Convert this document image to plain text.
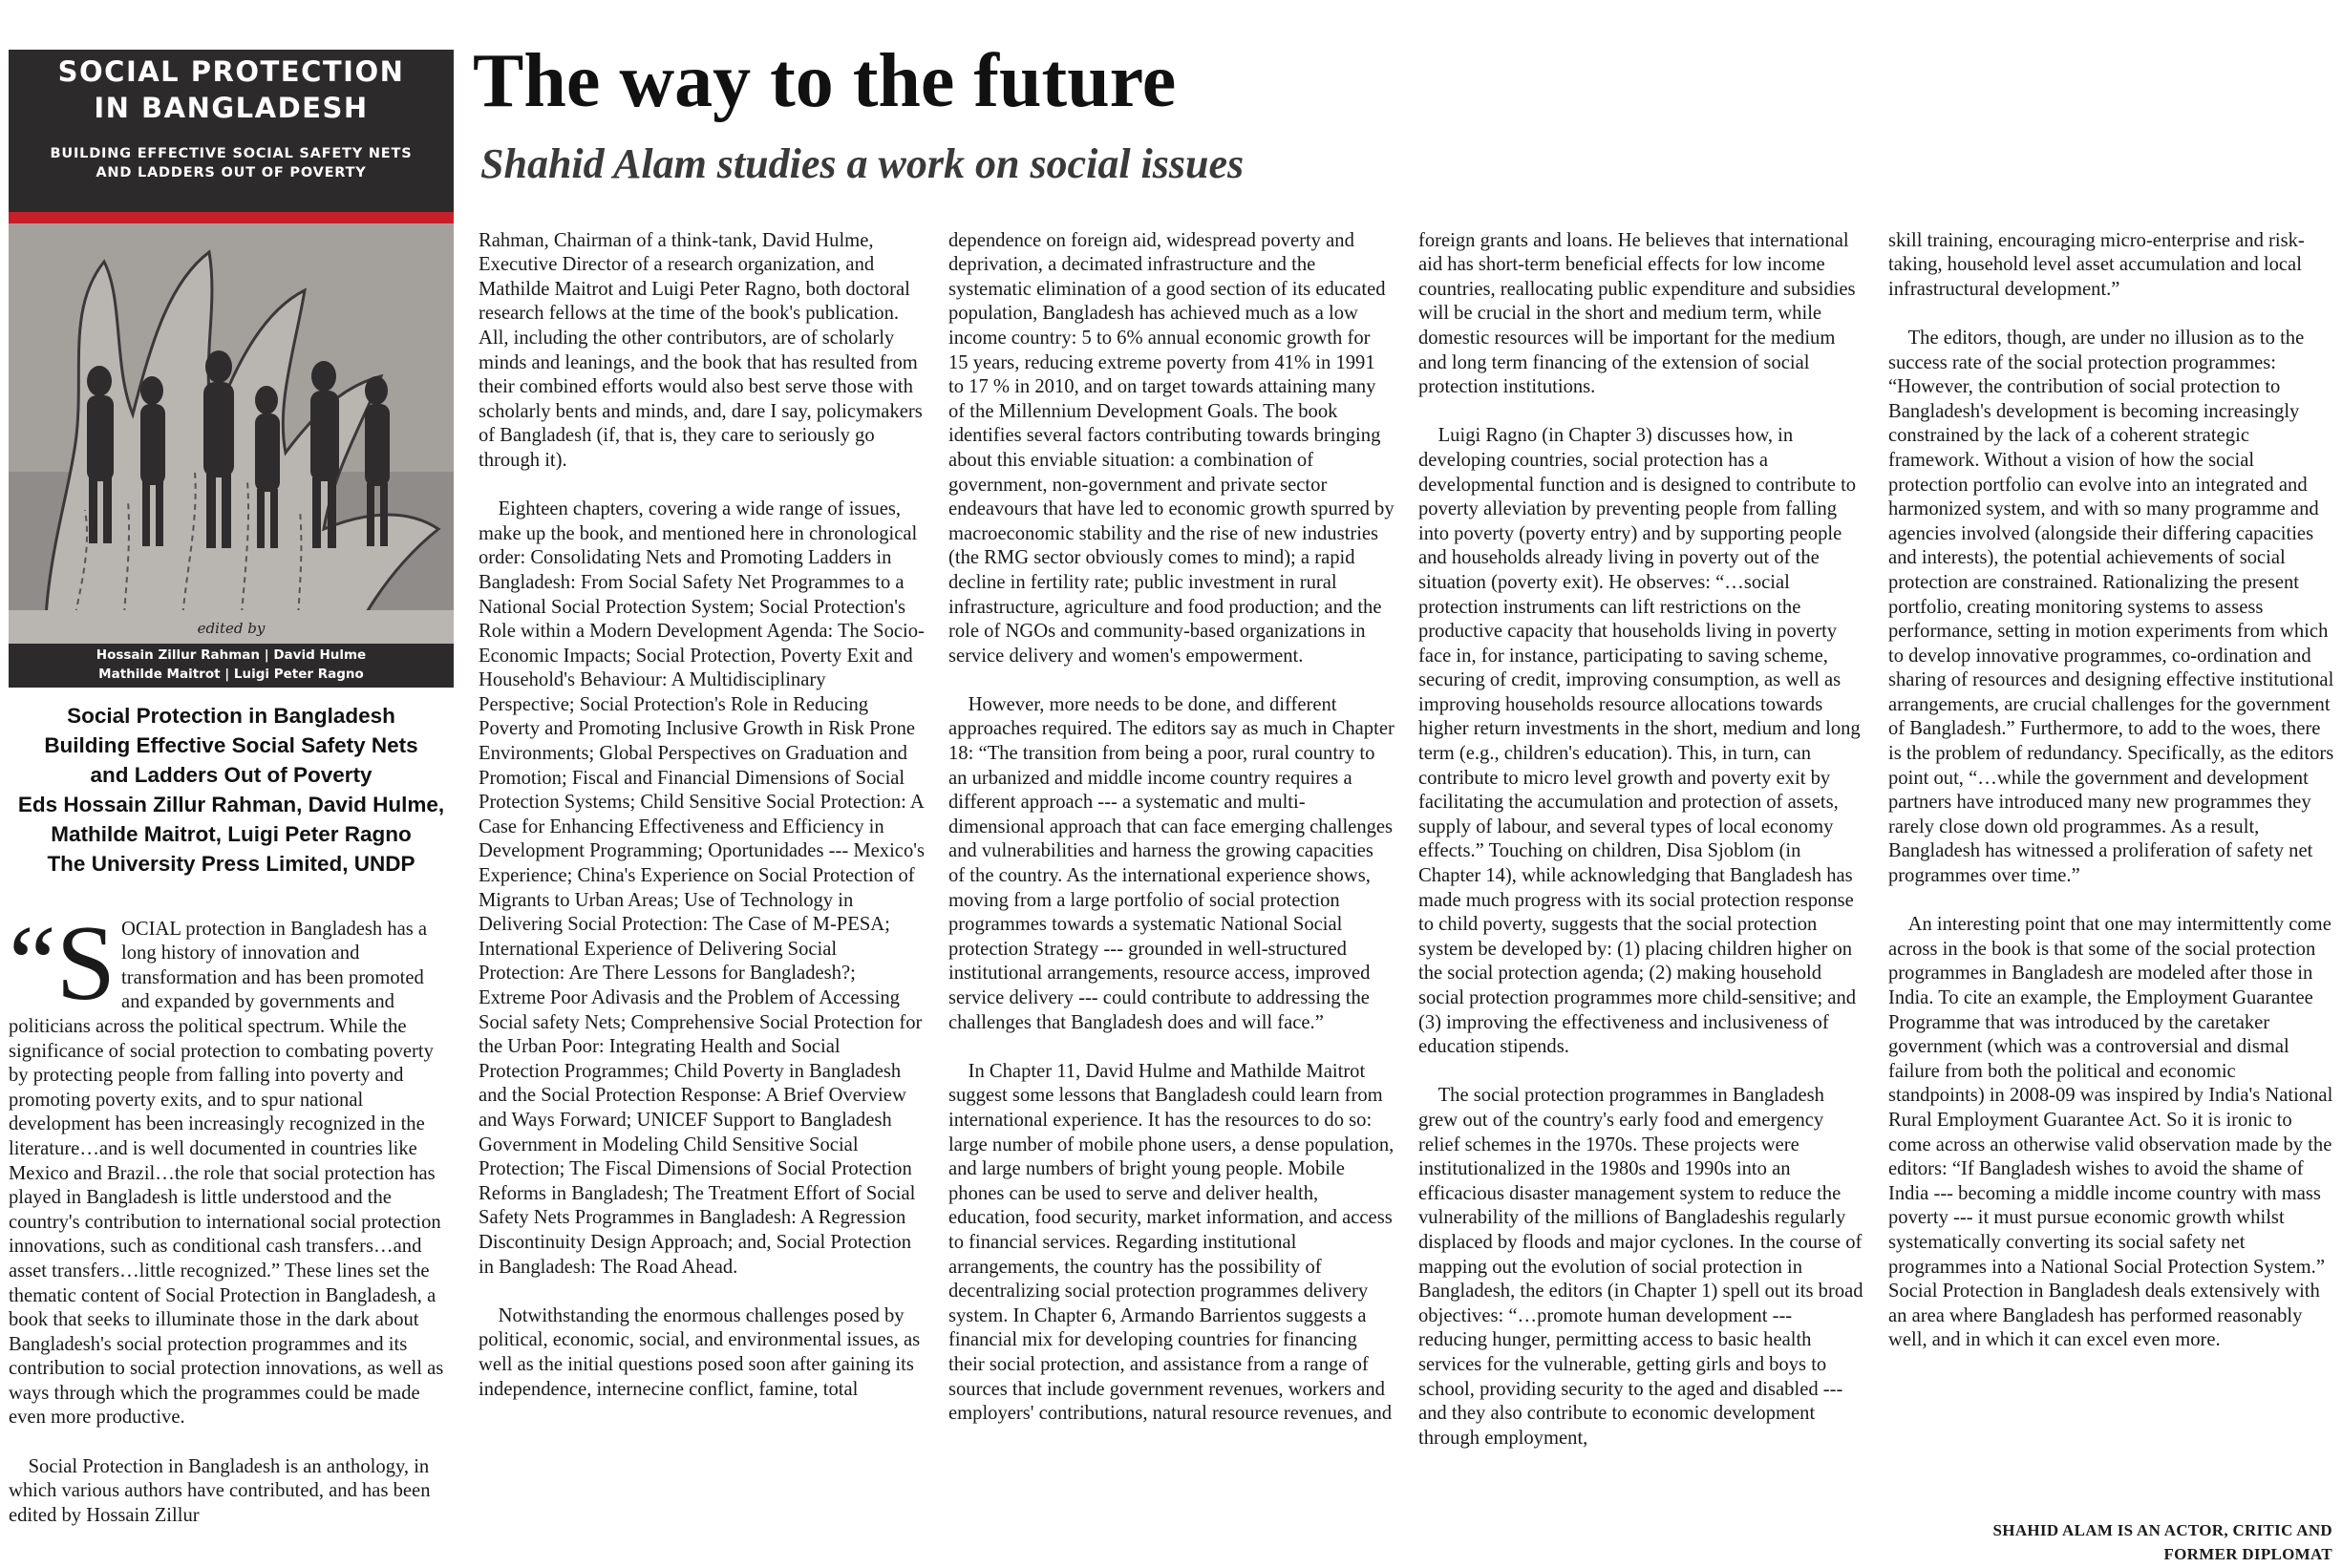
SOCIAL PROTECTION
IN BANGLADESH
BUILDING EFFECTIVE SOCIAL SAFETY NETS
AND LADDERS OUT OF POVERTY
edited by
Hossain Zillur Rahman | David Hulme
Mathilde Maitrot | Luigi Peter Ragno
Social Protection in Bangladesh
Building Effective Social Safety Nets
and Ladders Out of Poverty
Eds Hossain Zillur Rahman, David Hulme,
Mathilde Maitrot, Luigi Peter Ragno
The University Press Limited, UNDP
The way to the future
Shahid Alam studies a work on social issues

“SOCIAL protection in Bangladesh has a long history of innovation and transformation and has been promoted and expanded by governments and politicians across the political spectrum. While the significance of social protection to combating poverty by protecting people from falling into poverty and promoting poverty exits, and to spur national development has been increasingly recognized in the literature…and is well documented in countries like Mexico and Brazil…the role that social protection has played in Bangladesh is little understood and the country's contribution to international social protection innovations, such as conditional cash transfers…and asset transfers…little recognized.” These lines set the thematic content of Social Protection in Bangladesh, a book that seeks to illuminate those in the dark about Bangladesh's social protection programmes and its contribution to social protection innovations, as well as ways through which the programmes could be made even more productive.

 Social Protection in Bangladesh is an anthology, in which various authors have contributed, and has been edited by Hossain Zillur

Rahman, Chairman of a think-tank, David Hulme, Executive Director of a research organization, and Mathilde Maitrot and Luigi Peter Ragno, both doctoral research fellows at the time of the book's publication. All, including the other contributors, are of scholarly minds and leanings, and the book that has resulted from their combined efforts would also best serve those with scholarly bents and minds, and, dare I say, policymakers of Bangladesh (if, that is, they care to seriously go through it).

 Eighteen chapters, covering a wide range of issues, make up the book, and mentioned here in chronological order: Consolidating Nets and Promoting Ladders in Bangladesh: From Social Safety Net Programmes to a National Social Protection System; Social Protection's Role within a Modern Development Agenda: The Socio-Economic Impacts; Social Protection, Poverty Exit and Household's Behaviour: A Multidisciplinary Perspective; Social Protection's Role in Reducing Poverty and Promoting Inclusive Growth in Risk Prone Environments; Global Perspectives on Graduation and Promotion; Fiscal and Financial Dimensions of Social Protection Systems; Child Sensitive Social Protection: A Case for Enhancing Effectiveness and Efficiency in Development Programming; Oportunidades --- Mexico's Experience; China's Experience on Social Protection of Migrants to Urban Areas; Use of Technology in Delivering Social Protection: The Case of M-PESA; International Experience of Delivering Social Protection: Are There Lessons for Bangladesh?; Extreme Poor Adivasis and the Problem of Accessing Social safety Nets; Comprehensive Social Protection for the Urban Poor: Integrating Health and Social Protection Programmes; Child Poverty in Bangladesh and the Social Protection Response: A Brief Overview and Ways Forward; UNICEF Support to Bangladesh Government in Modeling Child Sensitive Social Protection; The Fiscal Dimensions of Social Protection Reforms in Bangladesh; The Treatment Effort of Social Safety Nets Programmes in Bangladesh: A Regression Discontinuity Design Approach; and, Social Protection in Bangladesh: The Road Ahead.

 Notwithstanding the enormous challenges posed by political, economic, social, and environmental issues, as well as the initial questions posed soon after gaining its independence, internecine conflict, famine, total

dependence on foreign aid, widespread poverty and deprivation, a decimated infrastructure and the systematic elimination of a good section of its educated population, Bangladesh has achieved much as a low income country: 5 to 6% annual economic growth for 15 years, reducing extreme poverty from 41% in 1991 to 17 % in 2010, and on target towards attaining many of the Millennium Development Goals. The book identifies several factors contributing towards bringing about this enviable situation: a combination of government, non-government and private sector endeavours that have led to economic growth spurred by macroeconomic stability and the rise of new industries (the RMG sector obviously comes to mind); a rapid decline in fertility rate; public investment in rural infrastructure, agriculture and food production; and the role of NGOs and community-based organizations in service delivery and women's empowerment.

 However, more needs to be done, and different approaches required. The editors say as much in Chapter 18: “The transition from being a poor, rural country to an urbanized and middle income country requires a different approach --- a systematic and multi-dimensional approach that can face emerging challenges and vulnerabilities and harness the growing capacities of the country. As the international experience shows, moving from a large portfolio of social protection programmes towards a systematic National Social protection Strategy --- grounded in well-structured institutional arrangements, resource access, improved service delivery --- could contribute to addressing the challenges that Bangladesh does and will face.”

 In Chapter 11, David Hulme and Mathilde Maitrot suggest some lessons that Bangladesh could learn from international experience. It has the resources to do so: large number of mobile phone users, a dense population, and large numbers of bright young people. Mobile phones can be used to serve and deliver health, education, food security, market information, and access to financial services. Regarding institutional arrangements, the country has the possibility of decentralizing social protection programmes delivery system. In Chapter 6, Armando Barrientos suggests a financial mix for developing countries for financing their social protection, and assistance from a range of sources that include government revenues, workers and employers' contributions, natural resource revenues, and

foreign grants and loans. He believes that international aid has short-term beneficial effects for low income countries, reallocating public expenditure and subsidies will be crucial in the short and medium term, while domestic resources will be important for the medium and long term financing of the extension of social protection institutions.

 Luigi Ragno (in Chapter 3) discusses how, in developing countries, social protection has a developmental function and is designed to contribute to poverty alleviation by preventing people from falling into poverty (poverty entry) and by supporting people and households already living in poverty out of the situation (poverty exit). He observes: “…social protection instruments can lift restrictions on the productive capacity that households living in poverty face in, for instance, participating to saving scheme, securing of credit, improving consumption, as well as improving households resource allocations towards higher return investments in the short, medium and long term (e.g., children's education). This, in turn, can contribute to micro level growth and poverty exit by facilitating the accumulation and protection of assets, supply of labour, and several types of local economy effects.” Touching on children, Disa Sjoblom (in Chapter 14), while acknowledging that Bangladesh has made much progress with its social protection response to child poverty, suggests that the social protection system be developed by: (1) placing children higher on the social protection agenda; (2) making household social protection programmes more child-sensitive; and (3) improving the effectiveness and inclusiveness of education stipends.

 The social protection programmes in Bangladesh grew out of the country's early food and emergency relief schemes in the 1970s. These projects were institutionalized in the 1980s and 1990s into an efficacious disaster management system to reduce the vulnerability of the millions of Bangladeshis regularly displaced by floods and major cyclones. In the course of mapping out the evolution of social protection in Bangladesh, the editors (in Chapter 1) spell out its broad objectives: “…promote human development --- reducing hunger, permitting access to basic health services for the vulnerable, getting girls and boys to school, providing security to the aged and disabled --- and they also contribute to economic development through employment,

skill training, encouraging micro-enterprise and risk-taking, household level asset accumulation and local infrastructural development.”

 The editors, though, are under no illusion as to the success rate of the social protection programmes: “However, the contribution of social protection to Bangladesh's development is becoming increasingly constrained by the lack of a coherent strategic framework. Without a vision of how the social protection portfolio can evolve into an integrated and harmonized system, and with so many programme and agencies involved (alongside their differing capacities and interests), the potential achievements of social protection are constrained. Rationalizing the present portfolio, creating monitoring systems to assess performance, setting in motion experiments from which to develop innovative programmes, co-ordination and sharing of resources and designing effective institutional arrangements, are crucial challenges for the government of Bangladesh.” Furthermore, to add to the woes, there is the problem of redundancy. Specifically, as the editors point out, “…while the government and development partners have introduced many new programmes they rarely close down old programmes. As a result, Bangladesh has witnessed a proliferation of safety net programmes over time.”

 An interesting point that one may intermittently come across in the book is that some of the social protection programmes in Bangladesh are modeled after those in India. To cite an example, the Employment Guarantee Programme that was introduced by the caretaker government (which was a controversial and dismal failure from both the political and economic standpoints) in 2008-09 was inspired by India's National Rural Employment Guarantee Act. So it is ironic to come across an otherwise valid observation made by the editors: “If Bangladesh wishes to avoid the shame of India --- becoming a middle income country with mass poverty --- it must pursue economic growth whilst systematically converting its social safety net programmes into a National Social Protection System.” Social Protection in Bangladesh deals extensively with an area where Bangladesh has performed reasonably well, and in which it can excel even more.

SHAHID ALAM IS AN ACTOR, CRITIC AND
FORMER DIPLOMAT
